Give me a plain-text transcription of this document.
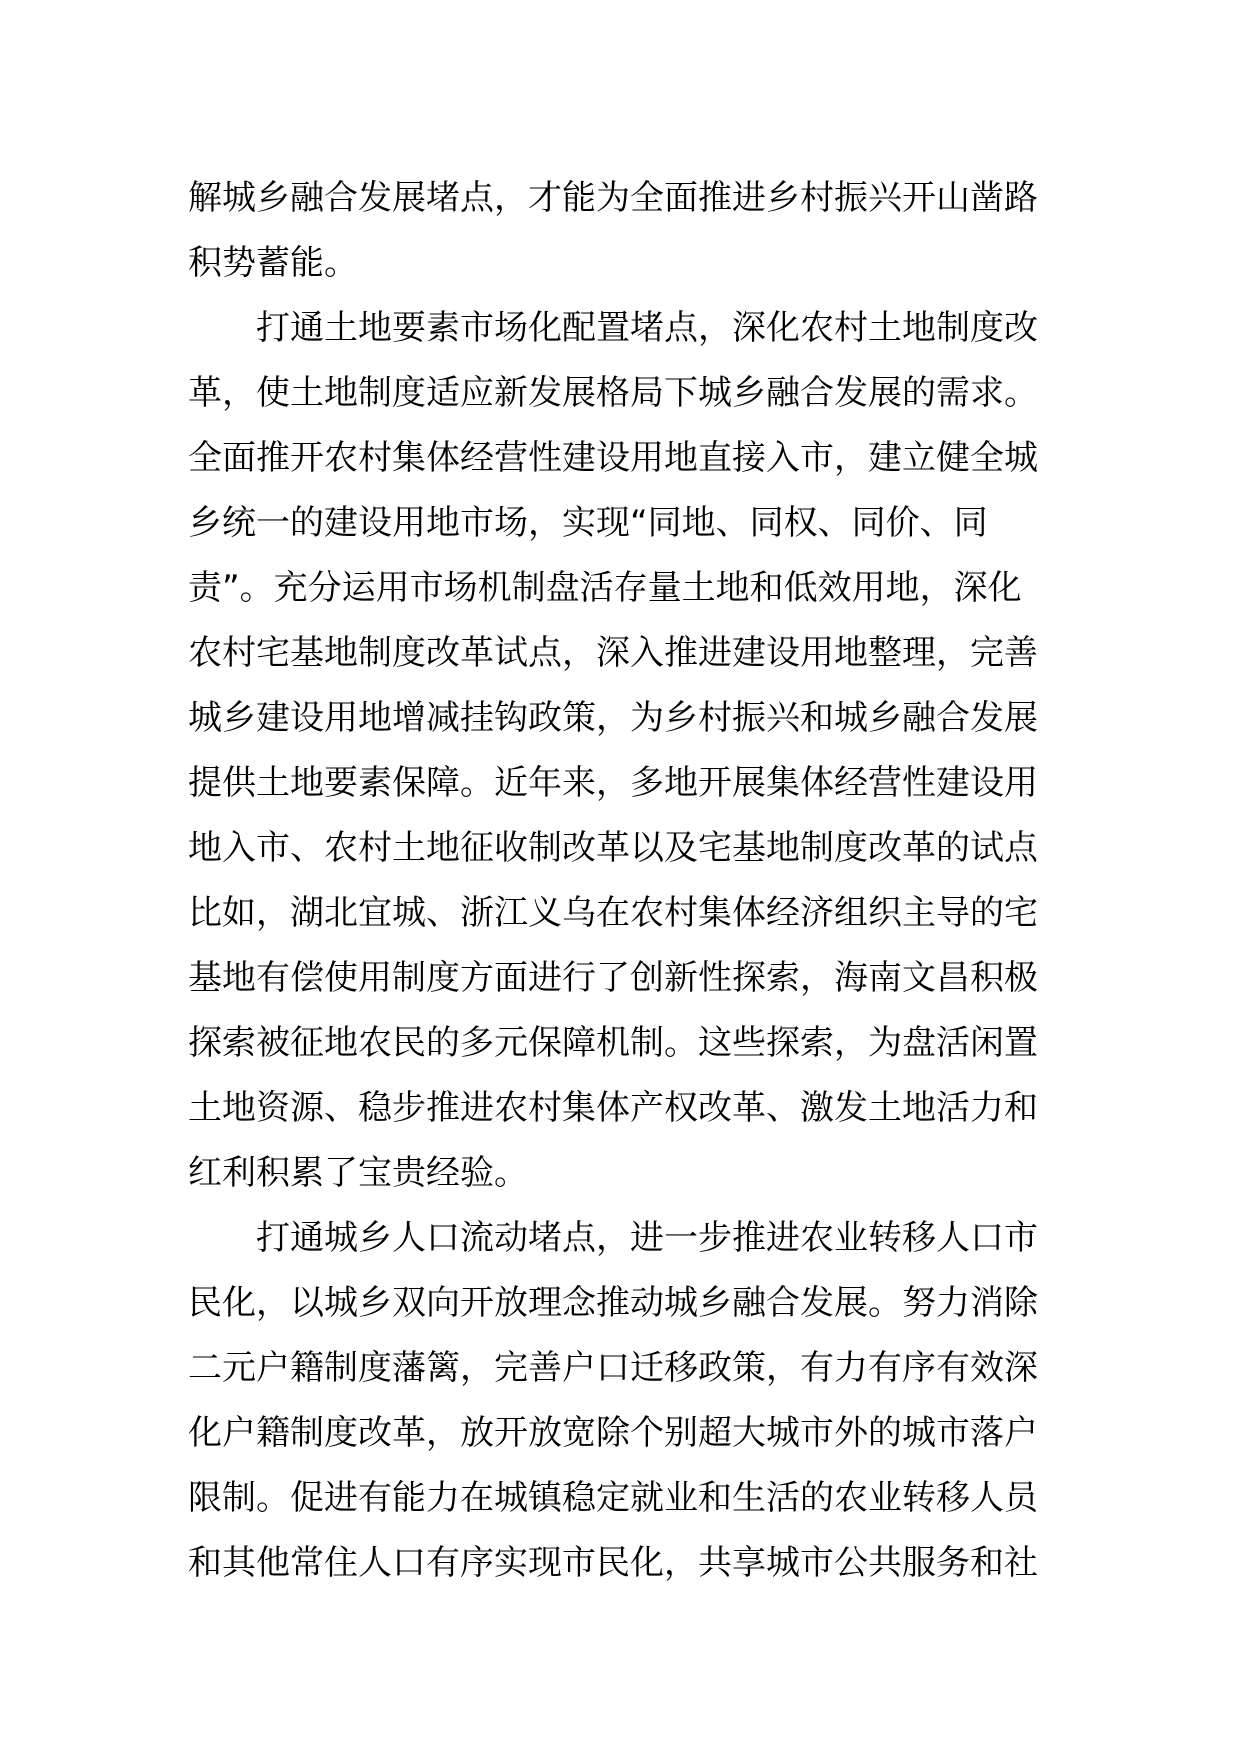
解城乡融合发展堵点，才能为全面推进乡村振兴开山凿路
积势蓄能。
打通土地要素市场化配置堵点，深化农村土地制度改
革，使土地制度适应新发展格局下城乡融合发展的需求。
全面推开农村集体经营性建设用地直接入市，建立健全城
乡统一的建设用地市场，实现“同地、同权、同价、同
责”。充分运用市场机制盘活存量土地和低效用地，深化
农村宅基地制度改革试点，深入推进建设用地整理，完善
城乡建设用地增减挂钩政策，为乡村振兴和城乡融合发展
提供土地要素保障。近年来，多地开展集体经营性建设用
地入市、农村土地征收制改革以及宅基地制度改革的试点
比如，湖北宜城、浙江义乌在农村集体经济组织主导的宅
基地有偿使用制度方面进行了创新性探索，海南文昌积极
探索被征地农民的多元保障机制。这些探索，为盘活闲置
土地资源、稳步推进农村集体产权改革、激发土地活力和
红利积累了宝贵经验。
打通城乡人口流动堵点，进一步推进农业转移人口市
民化，以城乡双向开放理念推动城乡融合发展。努力消除
二元户籍制度藩篱，完善户口迁移政策，有力有序有效深
化户籍制度改革，放开放宽除个别超大城市外的城市落户
限制。促进有能力在城镇稳定就业和生活的农业转移人员
和其他常住人口有序实现市民化，共享城市公共服务和社
